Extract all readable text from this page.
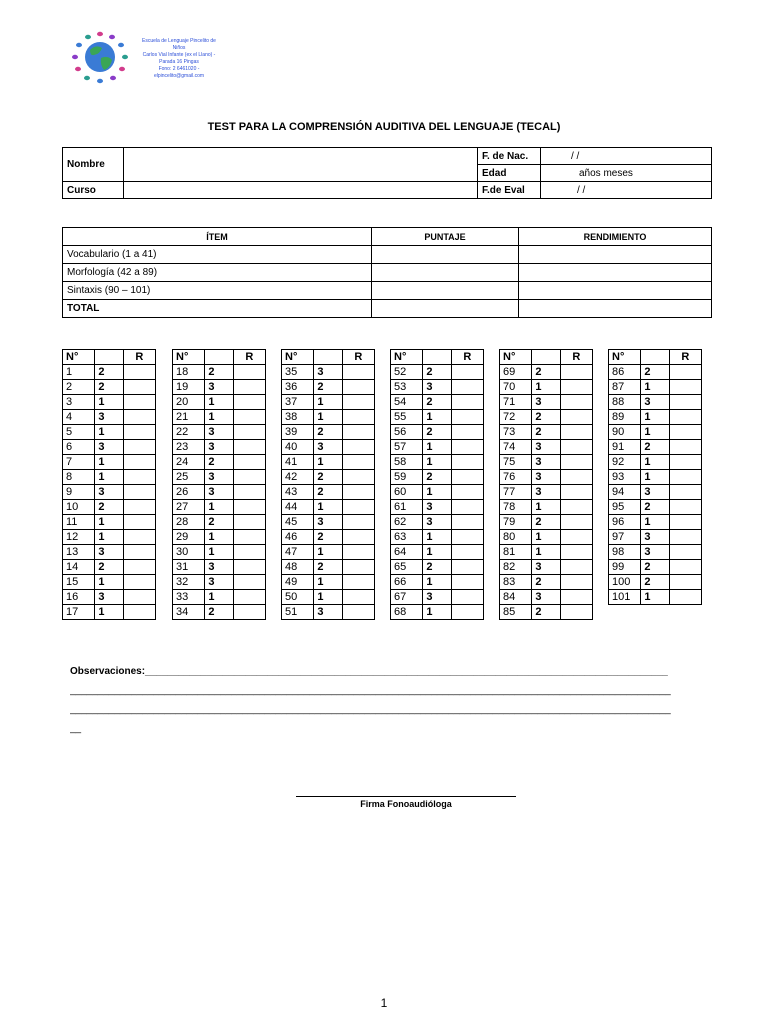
Escuela de Lenguaje Pincelito de Niños
Carlos Vial Infante (ex el Llano) -
Parada 16 Pingas
Fono: 2 6461020 -
elpincelito@gmail.com
TEST PARA LA COMPRENSIÓN AUDITIVA DEL LENGUAJE (TECAL)
Nombre		F. de Nac.	/ /
		Edad	años meses
Curso		F.de Eval	/ /
ÍTEM	PUNTAJE	RENDIMIENTO
Vocabulario (1 a 41)		
Morfología (42 a 89)		
Sintaxis (90 – 101)		
TOTAL		
N°		R
1	2	
2	2	
3	1	
4	3	
5	1	
6	3	
7	1	
8	1	
9	3	
10	2	
11	1	
12	1	
13	3	
14	2	
15	1	
16	3	
17	1	
N°		R
18	2	
19	3	
20	1	
21	1	
22	3	
23	3	
24	2	
25	3	
26	3	
27	1	
28	2	
29	1	
30	1	
31	3	
32	3	
33	1	
34	2	
N°		R
35	3	
36	2	
37	1	
38	1	
39	2	
40	3	
41	1	
42	2	
43	2	
44	1	
45	3	
46	2	
47	1	
48	2	
49	1	
50	1	
51	3	
N°		R
52	2	
53	3	
54	2	
55	1	
56	2	
57	1	
58	1	
59	2	
60	1	
61	3	
62	3	
63	1	
64	1	
65	2	
66	1	
67	3	
68	1	
N°		R
69	2	
70	1	
71	3	
72	2	
73	2	
74	3	
75	3	
76	3	
77	3	
78	1	
79	2	
80	1	
81	1	
82	3	
83	2	
84	3	
85	2	
N°		R
86	2	
87	1	
88	3	
89	1	
90	1	
91	2	
92	1	
93	1	
94	3	
95	2	
96	1	
97	3	
98	3	
99	2	
100	2	
101	1	
Observaciones:______________________________________________________________________________________________
____________________________________________________________________________________________________________
____________________________________________________________________________________________________________
__
Firma Fonoaudióloga
1
